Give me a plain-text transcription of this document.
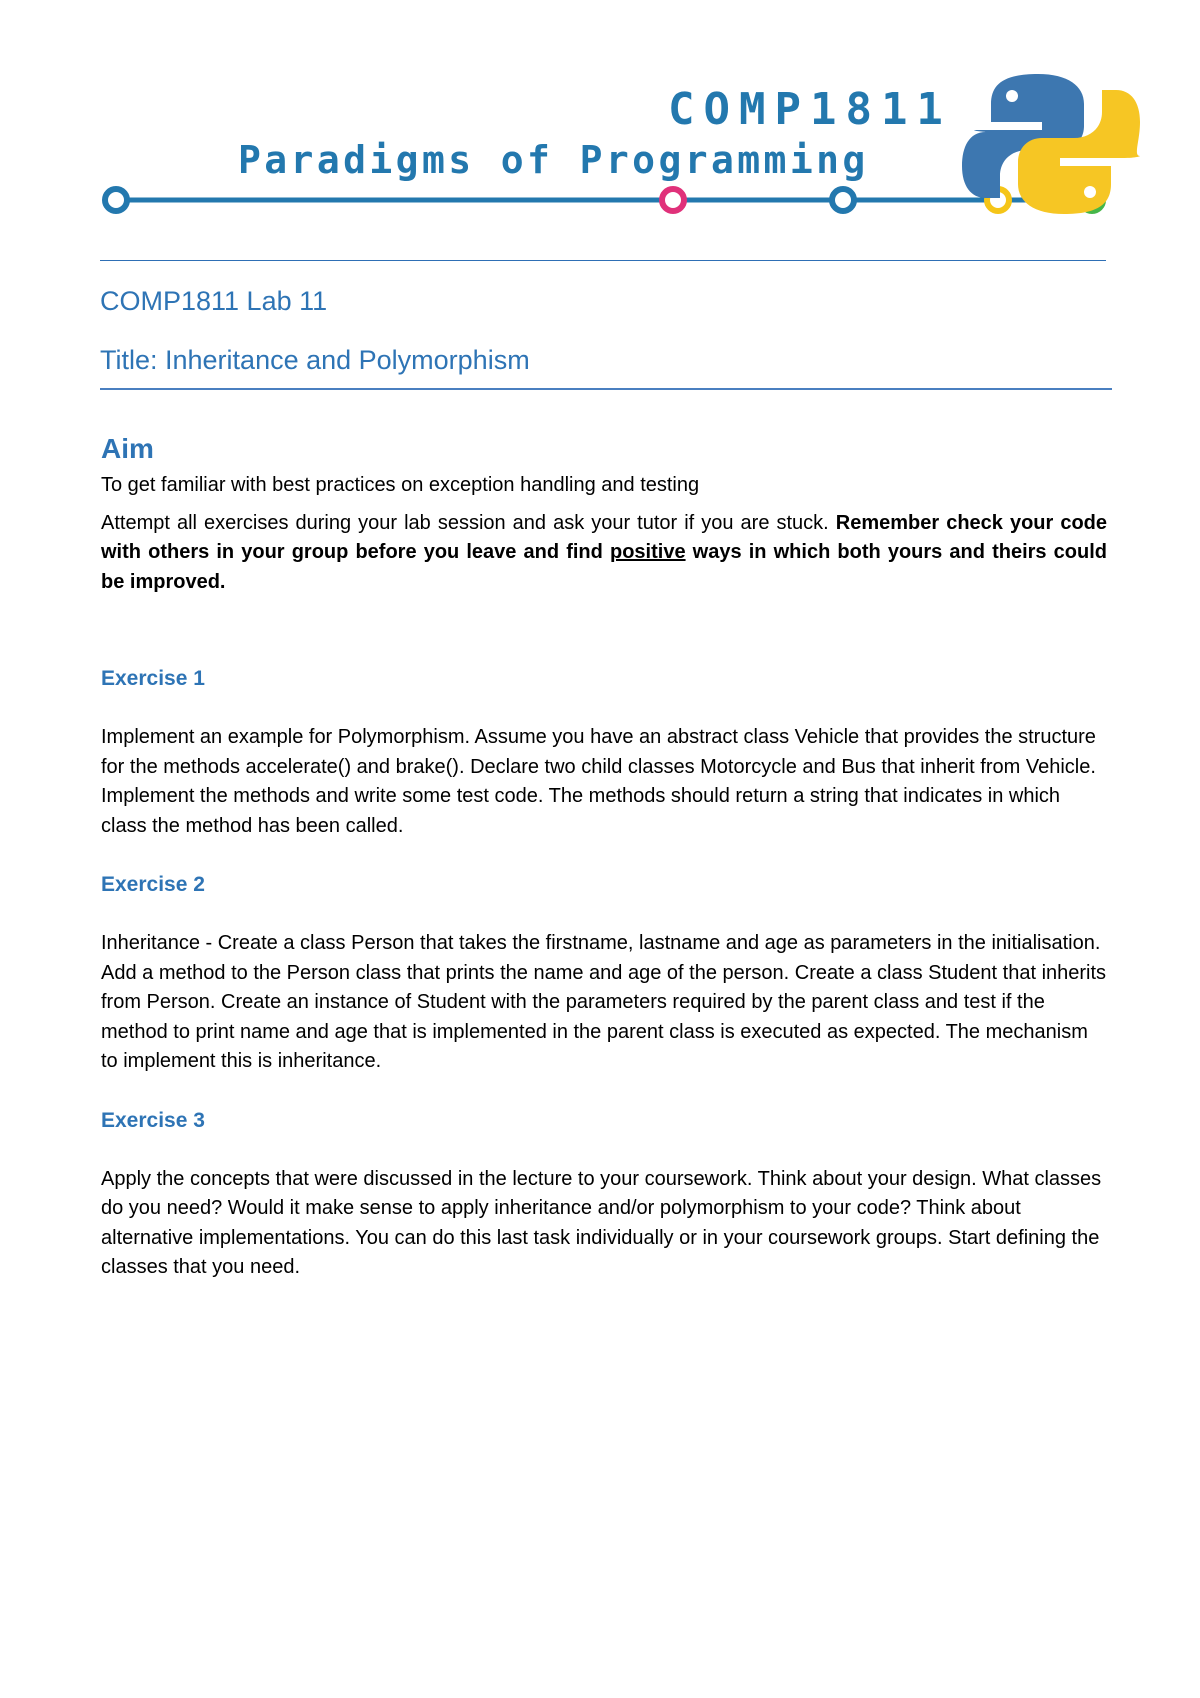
COMP1811
Paradigms of Programming
COMP1811 Lab 11
Title: Inheritance and Polymorphism
Aim

To get familiar with best practices on exception handling and testing

Attempt all exercises during your lab session and ask your tutor if you are stuck. Remember check your code with others in your group before you leave and find positive ways in which both yours and theirs could be improved.

Exercise 1

Implement an example for Polymorphism. Assume you have an abstract class Vehicle that provides the structure for the methods accelerate() and brake(). Declare two child classes Motorcycle and Bus that inherit from Vehicle. Implement the methods and write some test code. The methods should return a string that indicates in which class the method has been called.

Exercise 2

Inheritance - Create a class Person that takes the firstname, lastname and age as parameters in the initialisation. Add a method to the Person class that prints the name and age of the person. Create a class Student that inherits from Person. Create an instance of Student with the parameters required by the parent class and test if the method to print name and age that is implemented in the parent class is executed as expected. The mechanism to implement this is inheritance.

Exercise 3

Apply the concepts that were discussed in the lecture to your coursework. Think about your design. What classes do you need? Would it make sense to apply inheritance and/or polymorphism to your code? Think about alternative implementations. You can do this last task individually or in your coursework groups. Start defining the classes that you need.
